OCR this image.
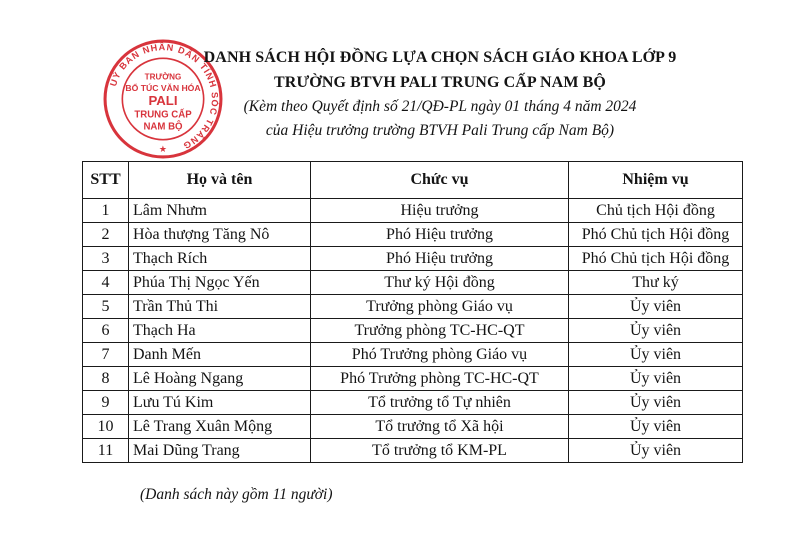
UỶ BAN NHÂN DÂN TỈNH SÓC TRĂNG
TRƯỜNG
BỔ TÚC VĂN HÓA
PALI
TRUNG CẤP
NAM BỘ
★
DANH SÁCH HỘI ĐỒNG LỰA CHỌN SÁCH GIÁO KHOA LỚP 9
TRƯỜNG BTVH PALI TRUNG CẤP NAM BỘ
(Kèm theo Quyết định số 21/QĐ-PL ngày 01 tháng 4 năm 2024
của Hiệu trưởng trường BTVH Pali Trung cấp Nam Bộ)
STT	Họ và tên	Chức vụ	Nhiệm vụ
1	Lâm Nhưm	Hiệu trưởng	Chủ tịch Hội đồng
2	Hòa thượng Tăng Nô	Phó Hiệu trưởng	Phó Chủ tịch Hội đồng
3	Thạch Rích	Phó Hiệu trưởng	Phó Chủ tịch Hội đồng
4	Phúa Thị Ngọc Yến	Thư ký Hội đồng	Thư ký
5	Trần Thủ Thi	Trưởng phòng Giáo vụ	Ủy viên
6	Thạch Ha	Trưởng phòng TC-HC-QT	Ủy viên
7	Danh Mến	Phó Trưởng phòng Giáo vụ	Ủy viên
8	Lê Hoàng Ngang	Phó Trưởng phòng TC-HC-QT	Ủy viên
9	Lưu Tú Kim	Tổ trưởng tổ Tự nhiên	Ủy viên
10	Lê Trang Xuân Mộng	Tổ trưởng tổ Xã hội	Ủy viên
11	Mai Dũng Trang	Tổ trưởng tổ KM-PL	Ủy viên
(Danh sách này gồm 11 người)
